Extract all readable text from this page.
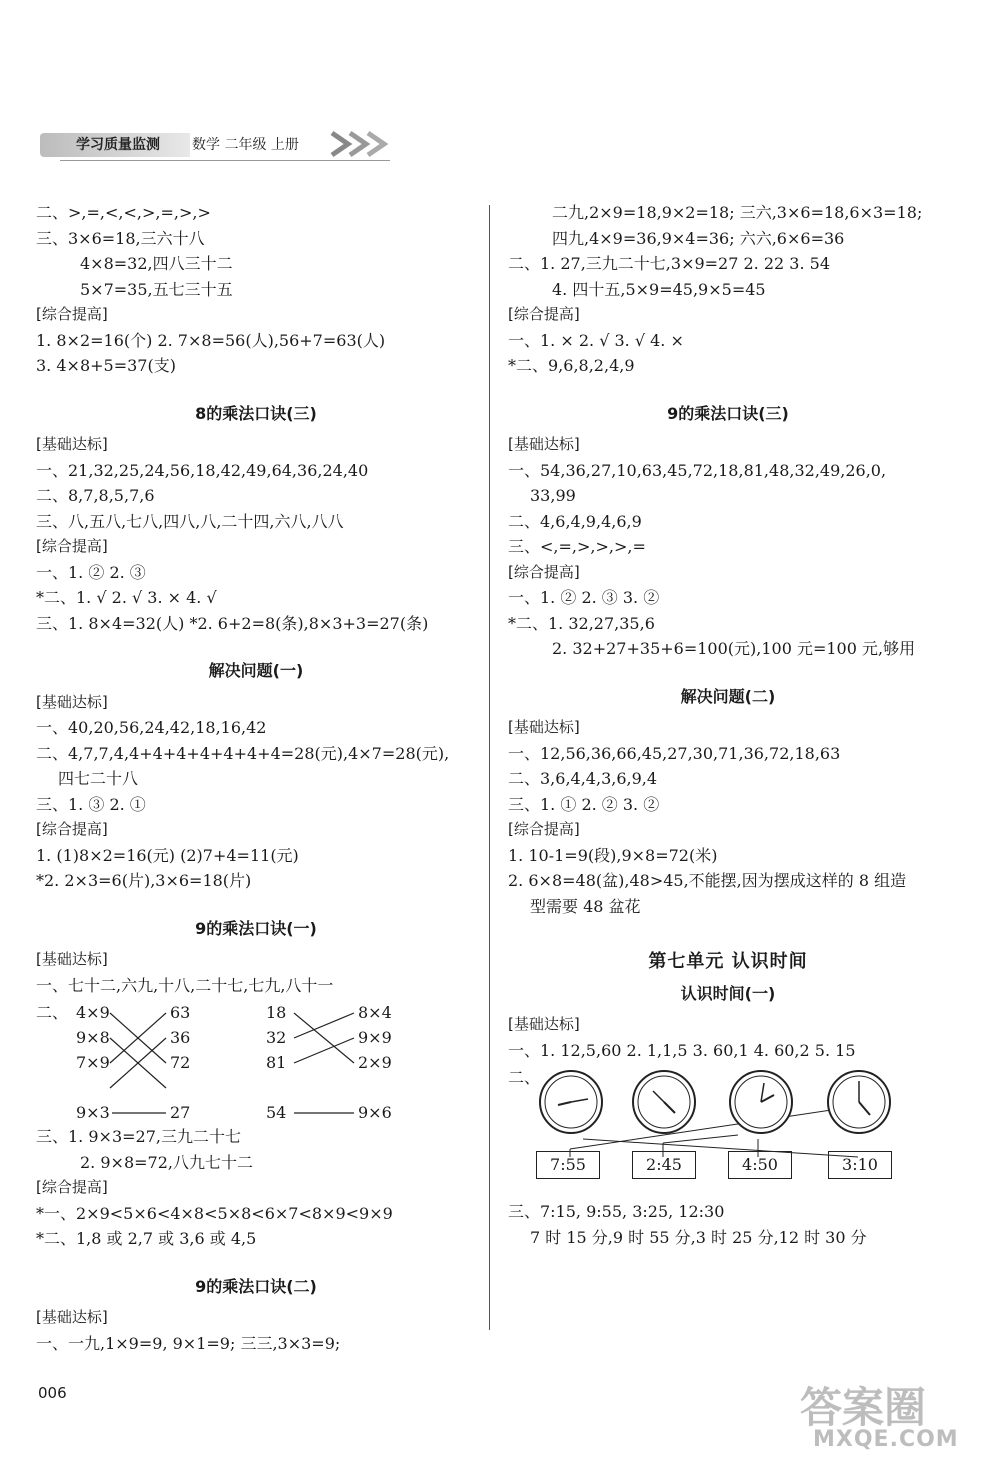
学习质量监测	数学 二年级 上册
二、>,=,<,<,>,=,>,>
三、3×6=18,三六十八
4×8=32,四八三十二
5×7=35,五七三十五
[综合提高]
1. 8×2=16(个) 2. 7×8=56(人),56+7=63(人)
3. 4×8+5=37(支)
8的乘法口诀(三)
[基础达标]
一、21,32,25,24,56,18,42,49,64,36,24,40
二、8,7,8,5,7,6
三、八,五八,七八,四八,八,二十四,六八,八八
[综合提高]
一、1. ② 2. ③
*二、1. √ 2. √ 3. × 4. √
三、1. 8×4=32(人) *2. 6+2=8(条),8×3+3=27(条)
解决问题(一)
[基础达标]
一、40,20,56,24,42,18,16,42
二、4,7,7,4,4+4+4+4+4+4+4=28(元),4×7=28(元),
四七二十八
三、1. ③ 2. ①
[综合提高]
1. (1)8×2=16(元) (2)7+4=11(元)
*2. 2×3=6(片),3×6=18(片)
9的乘法口诀(一)
[基础达标]
一、七十二,六九,十八,二十七,七九,八十一
二、 4×9
9×8
7×9
9×3
63
36
72
27
18
32
81
54
8×4
9×9
2×9
9×6
三、1. 9×3=27,三九二十七
2. 9×8=72,八九七十二
[综合提高]
*一、2×9<5×6<4×8<5×8<6×7<8×9<9×9
*二、1,8 或 2,7 或 3,6 或 4,5
9的乘法口诀(二)
[基础达标]
一、一九,1×9=9, 9×1=9; 三三,3×3=9;
二九,2×9=18,9×2=18; 三六,3×6=18,6×3=18;
四九,4×9=36,9×4=36; 六六,6×6=36
二、1. 27,三九二十七,3×9=27 2. 22 3. 54
4. 四十五,5×9=45,9×5=45
[综合提高]
一、1. × 2. √ 3. √ 4. ×
*二、9,6,8,2,4,9
9的乘法口诀(三)
[基础达标]
一、54,36,27,10,63,45,72,18,81,48,32,49,26,0,
33,99
二、4,6,4,9,4,6,9
三、<,=,>,>,>,=
[综合提高]
一、1. ② 2. ③ 3. ②
*二、1. 32,27,35,6
2. 32+27+35+6=100(元),100 元=100 元,够用
解决问题(二)
[基础达标]
一、12,56,36,66,45,27,30,71,36,72,18,63
二、3,6,4,4,3,6,9,4
三、1. ① 2. ② 3. ②
[综合提高]
1. 10-1=9(段),9×8=72(米)
2. 6×8=48(盆),48>45,不能摆,因为摆成这样的 8 组造
型需要 48 盆花
第七单元 认识时间
认识时间(一)
[基础达标]
一、1. 12,5,60 2. 1,1,5 3. 60,1 4. 60,2 5. 15
二、
7:55	2:45	4:50	3:10
三、7:15, 9:55, 3:25, 12:30
7 时 15 分,9 时 55 分,3 时 25 分,12 时 30 分
006	答案圈
MXQE.COM
